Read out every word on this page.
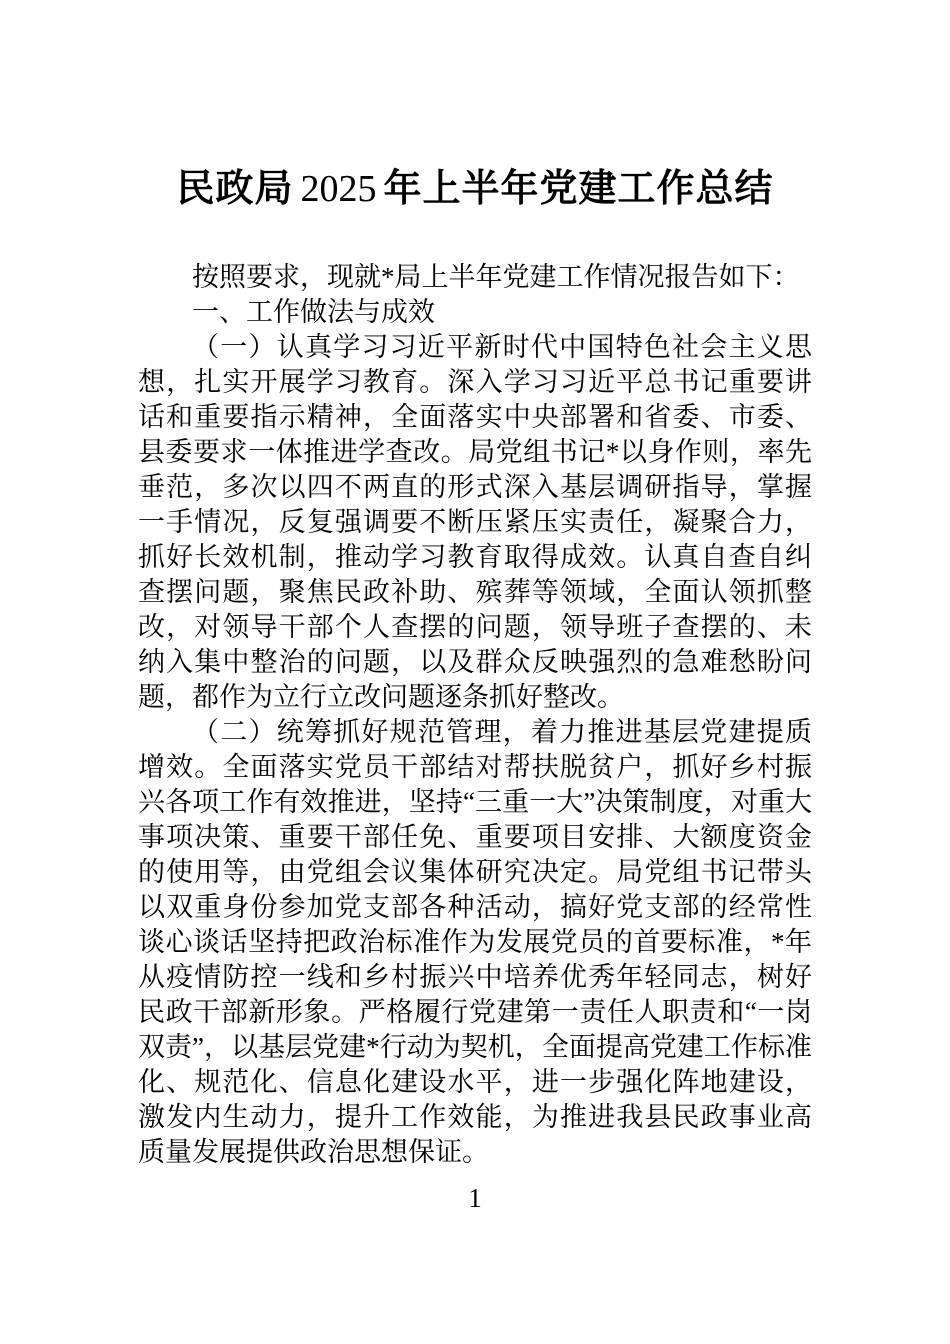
民政局 2025 年上半年党建工作总结

按照要求，现就*局上半年党建工作情况报告如下：

一、工作做法与成效

（一）认真学习习近平新时代中国特色社会主义思想，扎实开展学习教育。深入学习习近平总书记重要讲话和重要指示精神，全面落实中央部署和省委、市委、县委要求一体推进学查改。局党组书记*以身作则，率先垂范，多次以四不两直的形式深入基层调研指导，掌握一手情况，反复强调要不断压紧压实责任，凝聚合力，抓好长效机制，推动学习教育取得成效。认真自查自纠查摆问题，聚焦民政补助、殡葬等领域，全面认领抓整改，对领导干部个人查摆的问题，领导班子查摆的、未纳入集中整治的问题，以及群众反映强烈的急难愁盼问题，都作为立行立改问题逐条抓好整改。

（二）统筹抓好规范管理，着力推进基层党建提质增效。全面落实党员干部结对帮扶脱贫户，抓好乡村振兴各项工作有效推进，坚持“三重一大”决策制度，对重大事项决策、重要干部任免、重要项目安排、大额度资金的使用等，由党组会议集体研究决定。局党组书记带头以双重身份参加党支部各种活动，搞好党支部的经常性谈心谈话坚持把政治标准作为发展党员的首要标准，*年从疫情防控一线和乡村振兴中培养优秀年轻同志，树好民政干部新形象。严格履行党建第一责任人职责和“一岗双责”，以基层党建*行动为契机，全面提高党建工作标准化、规范化、信息化建设水平，进一步强化阵地建设，激发内生动力，提升工作效能，为推进我县民政事业高质量发展提供政治思想保证。

1
